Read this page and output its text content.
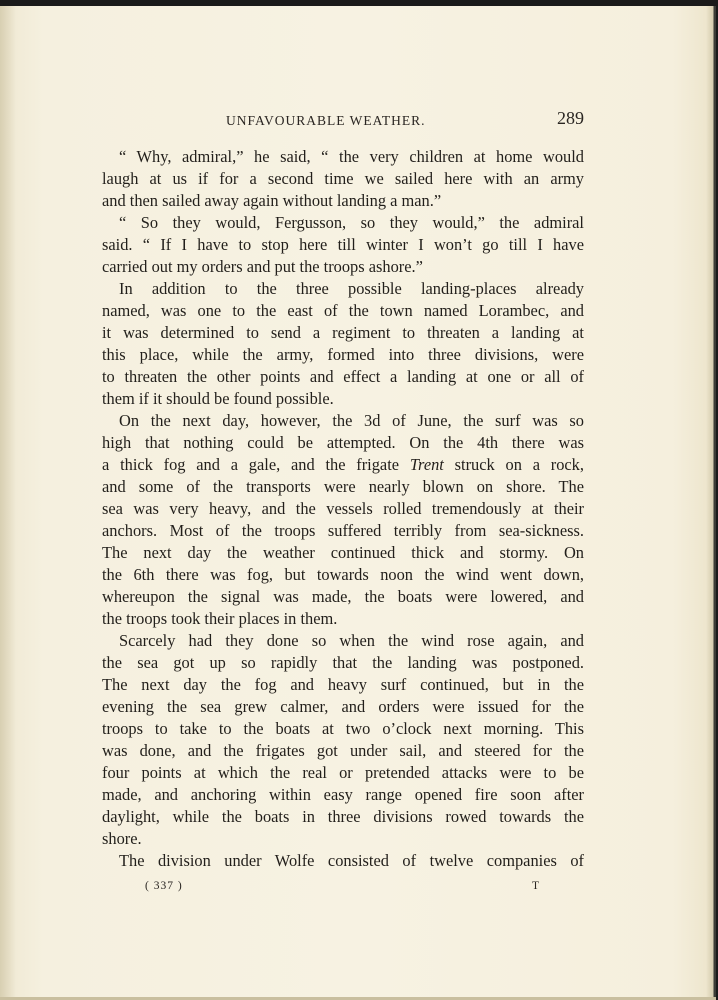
UNFAVOURABLE WEATHER.	289
“ Why, admiral,” he said, “ the very children at home would
laugh at us if for a second time we sailed here with an army
and then sailed away again without landing a man.”
“ So they would, Fergusson, so they would,” the admiral
said. “ If I have to stop here till winter I won’t go till I have
carried out my orders and put the troops ashore.”
In addition to the three possible landing-places already
named, was one to the east of the town named Lorambec, and
it was determined to send a regiment to threaten a landing at
this place, while the army, formed into three divisions, were
to threaten the other points and effect a landing at one or all of
them if it should be found possible.
On the next day, however, the 3d of June, the surf was so
high that nothing could be attempted. On the 4th there was
a thick fog and a gale, and the frigate Trent struck on a rock,
and some of the transports were nearly blown on shore. The
sea was very heavy, and the vessels rolled tremendously at their
anchors. Most of the troops suffered terribly from sea-sickness.
The next day the weather continued thick and stormy. On
the 6th there was fog, but towards noon the wind went down,
whereupon the signal was made, the boats were lowered, and
the troops took their places in them.
Scarcely had they done so when the wind rose again, and
the sea got up so rapidly that the landing was postponed.
The next day the fog and heavy surf continued, but in the
evening the sea grew calmer, and orders were issued for the
troops to take to the boats at two o’clock next morning. This
was done, and the frigates got under sail, and steered for the
four points at which the real or pretended attacks were to be
made, and anchoring within easy range opened fire soon after
daylight, while the boats in three divisions rowed towards the
shore.
The division under Wolfe consisted of twelve companies of
( 337 )	T
